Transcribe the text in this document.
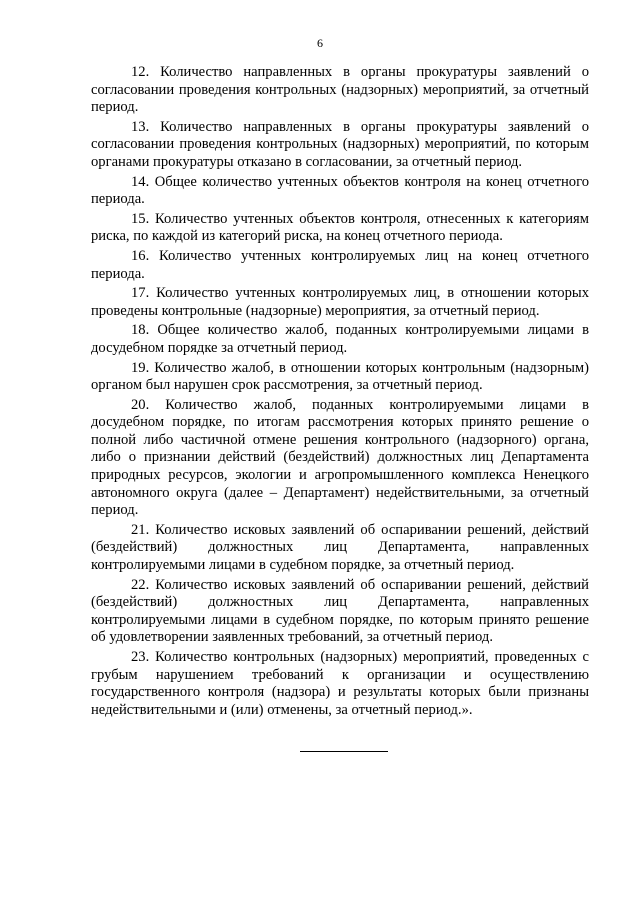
6

12. Количество направленных в органы прокуратуры заявлений о согласовании проведения контрольных (надзорных) мероприятий, за отчетный период.

13. Количество направленных в органы прокуратуры заявлений о согласовании проведения контрольных (надзорных) мероприятий, по которым органами прокуратуры отказано в согласовании, за отчетный период.

14. Общее количество учтенных объектов контроля на конец отчетного периода.

15. Количество учтенных объектов контроля, отнесенных к категориям риска, по каждой из категорий риска, на конец отчетного периода.

16. Количество учтенных контролируемых лиц на конец отчетного периода.

17. Количество учтенных контролируемых лиц, в отношении которых проведены контрольные (надзорные) мероприятия, за отчетный период.

18. Общее количество жалоб, поданных контролируемыми лицами в досудебном порядке за отчетный период.

19. Количество жалоб, в отношении которых контрольным (надзорным) органом был нарушен срок рассмотрения, за отчетный период.

20. Количество жалоб, поданных контролируемыми лицами в досудебном порядке, по итогам рассмотрения которых принято решение о полной либо частичной отмене решения контрольного (надзорного) органа, либо о признании действий (бездействий) должностных лиц Департамента природных ресурсов, экологии и агропромышленного комплекса Ненецкого автономного округа (далее – Департамент) недействительными, за отчетный период.

21. Количество исковых заявлений об оспаривании решений, действий (бездействий) должностных лиц Департамента, направленных контролируемыми лицами в судебном порядке, за отчетный период.

22. Количество исковых заявлений об оспаривании решений, действий (бездействий) должностных лиц Департамента, направленных контролируемыми лицами в судебном порядке, по которым принято решение об удовлетворении заявленных требований, за отчетный период.

23. Количество контрольных (надзорных) мероприятий, проведенных с грубым нарушением требований к организации и осуществлению государственного контроля (надзора) и результаты которых были признаны недействительными и (или) отменены, за отчетный период.».
